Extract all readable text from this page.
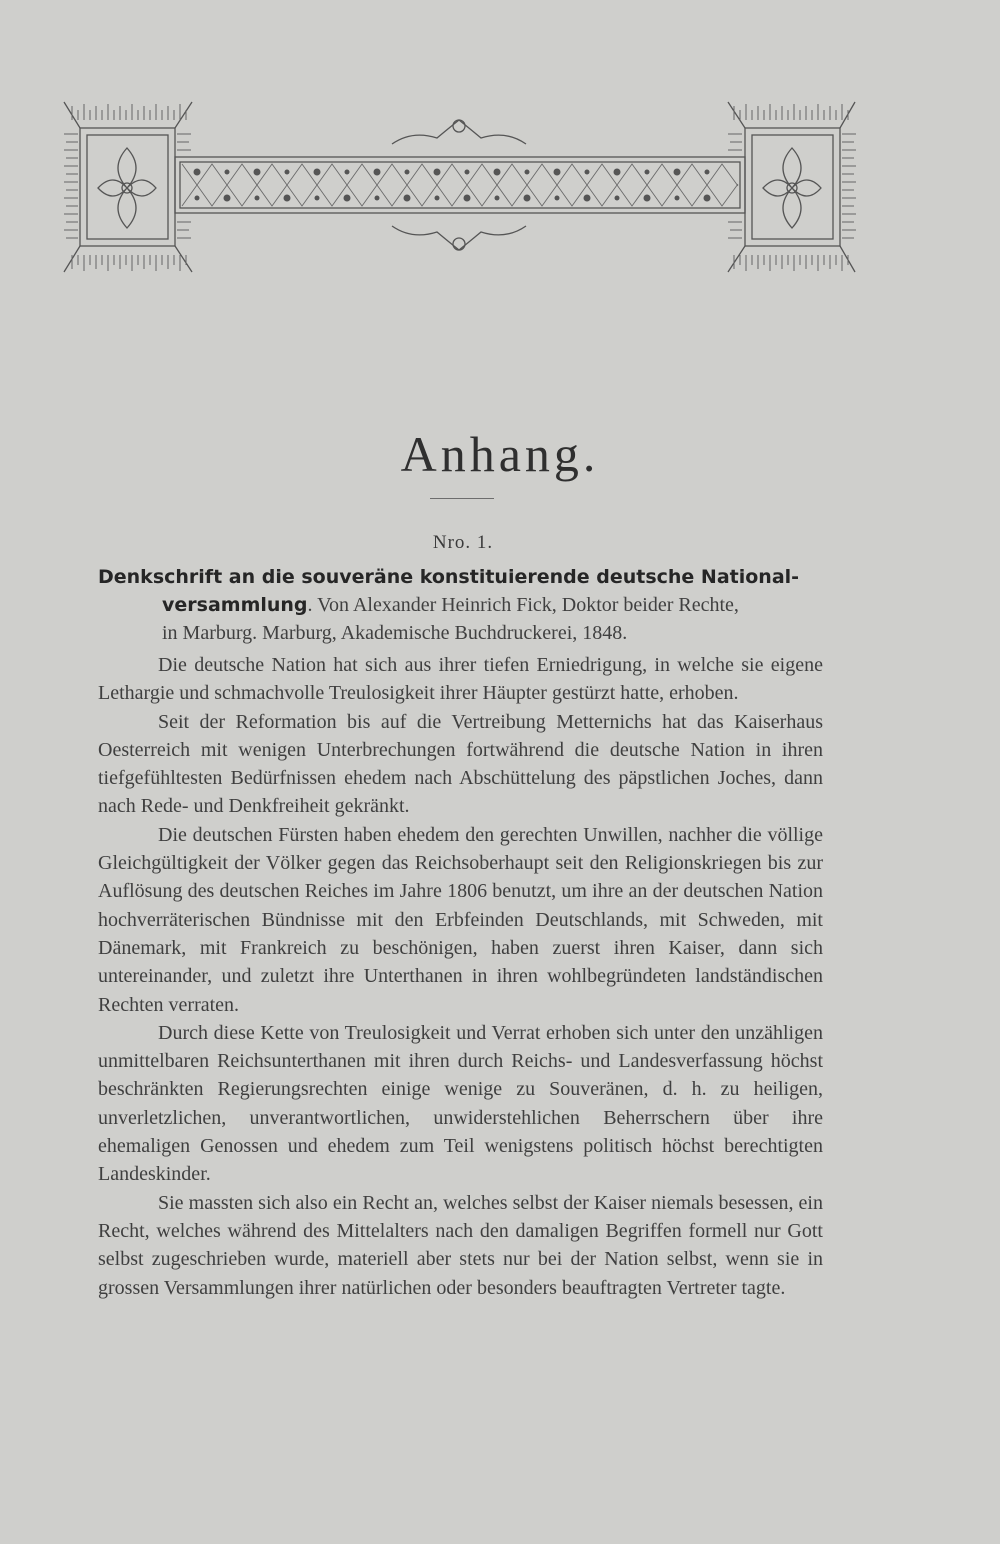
Anhang.
Nro. 1.
Denkschrift an die souveräne konstituierende deutsche National-
versammlung. Von Alexander Heinrich Fick, Doktor beider Rechte,
in Marburg. Marburg, Akademische Buchdruckerei, 1848.

Die deutsche Nation hat sich aus ihrer tiefen Erniedrigung, in welche sie eigene Lethargie und schmachvolle Treulosigkeit ihrer Häupter gestürzt hatte, erhoben.

Seit der Reformation bis auf die Vertreibung Metternichs hat das Kaiserhaus Oesterreich mit wenigen Unterbrechungen fortwährend die deutsche Nation in ihren tiefgefühltesten Bedürfnissen ehedem nach Abschüttelung des päpstlichen Joches, dann nach Rede- und Denkfreiheit gekränkt.

Die deutschen Fürsten haben ehedem den gerechten Unwillen, nachher die völlige Gleichgültigkeit der Völker gegen das Reichsoberhaupt seit den Religionskriegen bis zur Auflösung des deutschen Reiches im Jahre 1806 benutzt, um ihre an der deutschen Nation hochverräterischen Bündnisse mit den Erbfeinden Deutschlands, mit Schweden, mit Dänemark, mit Frankreich zu beschönigen, haben zuerst ihren Kaiser, dann sich untereinander, und zuletzt ihre Unterthanen in ihren wohlbegründeten landständischen Rechten verraten.

Durch diese Kette von Treulosigkeit und Verrat erhoben sich unter den unzähligen unmittelbaren Reichsunterthanen mit ihren durch Reichs- und Landesverfassung höchst beschränkten Regierungsrechten einige wenige zu Souveränen, d. h. zu heiligen, unverletzlichen, unverantwortlichen, unwiderstehlichen Beherrschern über ihre ehemaligen Genossen und ehedem zum Teil wenigstens politisch höchst berechtigten Landeskinder.

Sie massten sich also ein Recht an, welches selbst der Kaiser niemals besessen, ein Recht, welches während des Mittelalters nach den damaligen Begriffen formell nur Gott selbst zugeschrieben wurde, materiell aber stets nur bei der Nation selbst, wenn sie in grossen Versammlungen ihrer natürlichen oder besonders beauftragten Vertreter tagte.
